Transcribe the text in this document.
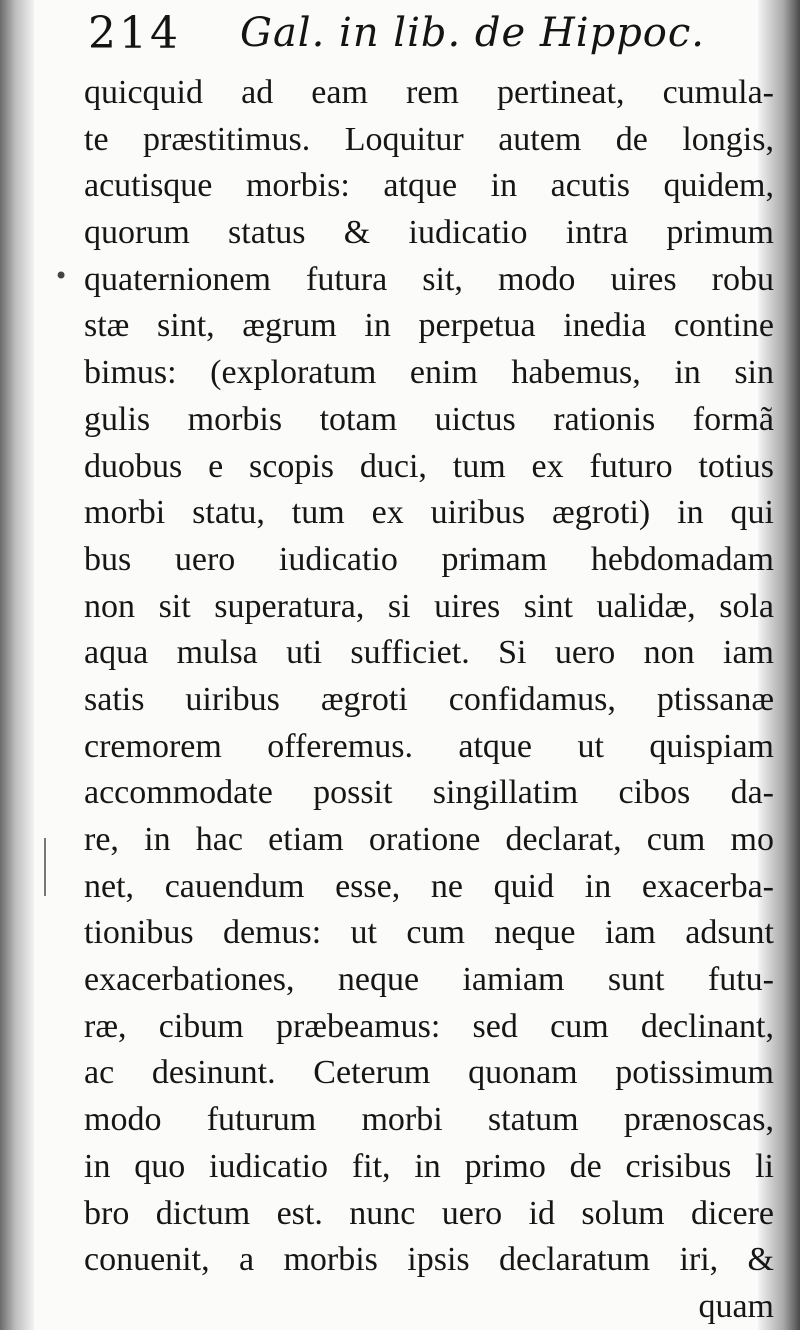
214 Gal. in lib. de Hippoc.
•
quicquid ad eam rem pertineat, cumula-
te præstitimus. Loquitur autem de longis,
acutisque morbis: atque in acutis quidem,
quorum status & iudicatio intra primum
quaternionem futura sit, modo uires robu
stæ sint, ægrum in perpetua inedia contine
bimus: (exploratum enim habemus, in sin
gulis morbis totam uictus rationis formã
duobus e scopis duci, tum ex futuro totius
morbi statu, tum ex uiribus ægroti) in qui
bus uero iudicatio primam hebdomadam
non sit superatura, si uires sint ualidæ, sola
aqua mulsa uti sufficiet. Si uero non iam
satis uiribus ægroti confidamus, ptissanæ
cremorem offeremus. atque ut quispiam
accommodate possit singillatim cibos da-
re, in hac etiam oratione declarat, cum mo
net, cauendum esse, ne quid in exacerba-
tionibus demus: ut cum neque iam adsunt
exacerbationes, neque iamiam sunt futu-
ræ, cibum præbeamus: sed cum declinant,
ac desinunt. Ceterum quonam potissimum
modo futurum morbi statum prænoscas,
in quo iudicatio fit, in primo de crisibus li
bro dictum est. nunc uero id solum dicere
conuenit, a morbis ipsis declaratum iri, &
quam
